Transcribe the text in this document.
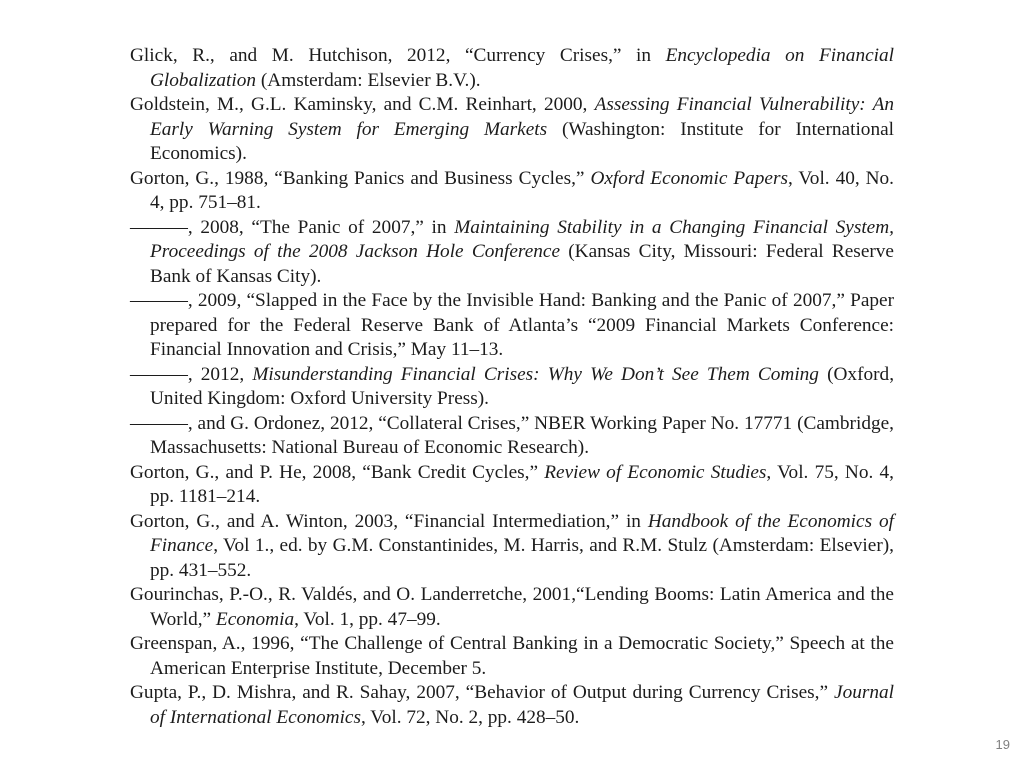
Glick, R., and M. Hutchison, 2012, “Currency Crises,” in Encyclopedia on Financial Globalization (Amsterdam: Elsevier B.V.).
Goldstein, M., G.L. Kaminsky, and C.M. Reinhart, 2000, Assessing Financial Vulnerability: An Early Warning System for Emerging Markets (Washington: Institute for International Economics).
Gorton, G., 1988, “Banking Panics and Business Cycles,” Oxford Economic Papers, Vol. 40, No. 4, pp. 751–81.
———, 2008, “The Panic of 2007,” in Maintaining Stability in a Changing Financial System, Proceedings of the 2008 Jackson Hole Conference (Kansas City, Missouri: Federal Reserve Bank of Kansas City).
———, 2009, “Slapped in the Face by the Invisible Hand: Banking and the Panic of 2007,” Paper prepared for the Federal Reserve Bank of Atlanta’s “2009 Financial Markets Conference: Financial Innovation and Crisis,” May 11–13.
———, 2012, Misunderstanding Financial Crises: Why We Don’t See Them Coming (Oxford, United Kingdom: Oxford University Press).
———, and G. Ordonez, 2012, “Collateral Crises,” NBER Working Paper No. 17771 (Cambridge, Massachusetts: National Bureau of Economic Research).
Gorton, G., and P. He, 2008, “Bank Credit Cycles,” Review of Economic Studies, Vol. 75, No. 4, pp. 1181–214.
Gorton, G., and A. Winton, 2003, “Financial Intermediation,” in Handbook of the Economics of Finance, Vol 1., ed. by G.M. Constantinides, M. Harris, and R.M. Stulz (Amsterdam: Elsevier), pp. 431–552.
Gourinchas, P.-O., R. Valdés, and O. Landerretche, 2001,“Lending Booms: Latin America and the World,” Economia, Vol. 1, pp. 47–99.
Greenspan, A., 1996, “The Challenge of Central Banking in a Democratic Society,” Speech at the American Enterprise Institute, December 5.
Gupta, P., D. Mishra, and R. Sahay, 2007, “Behavior of Output during Currency Crises,” Journal of International Economics, Vol. 72, No. 2, pp. 428–50.
19
